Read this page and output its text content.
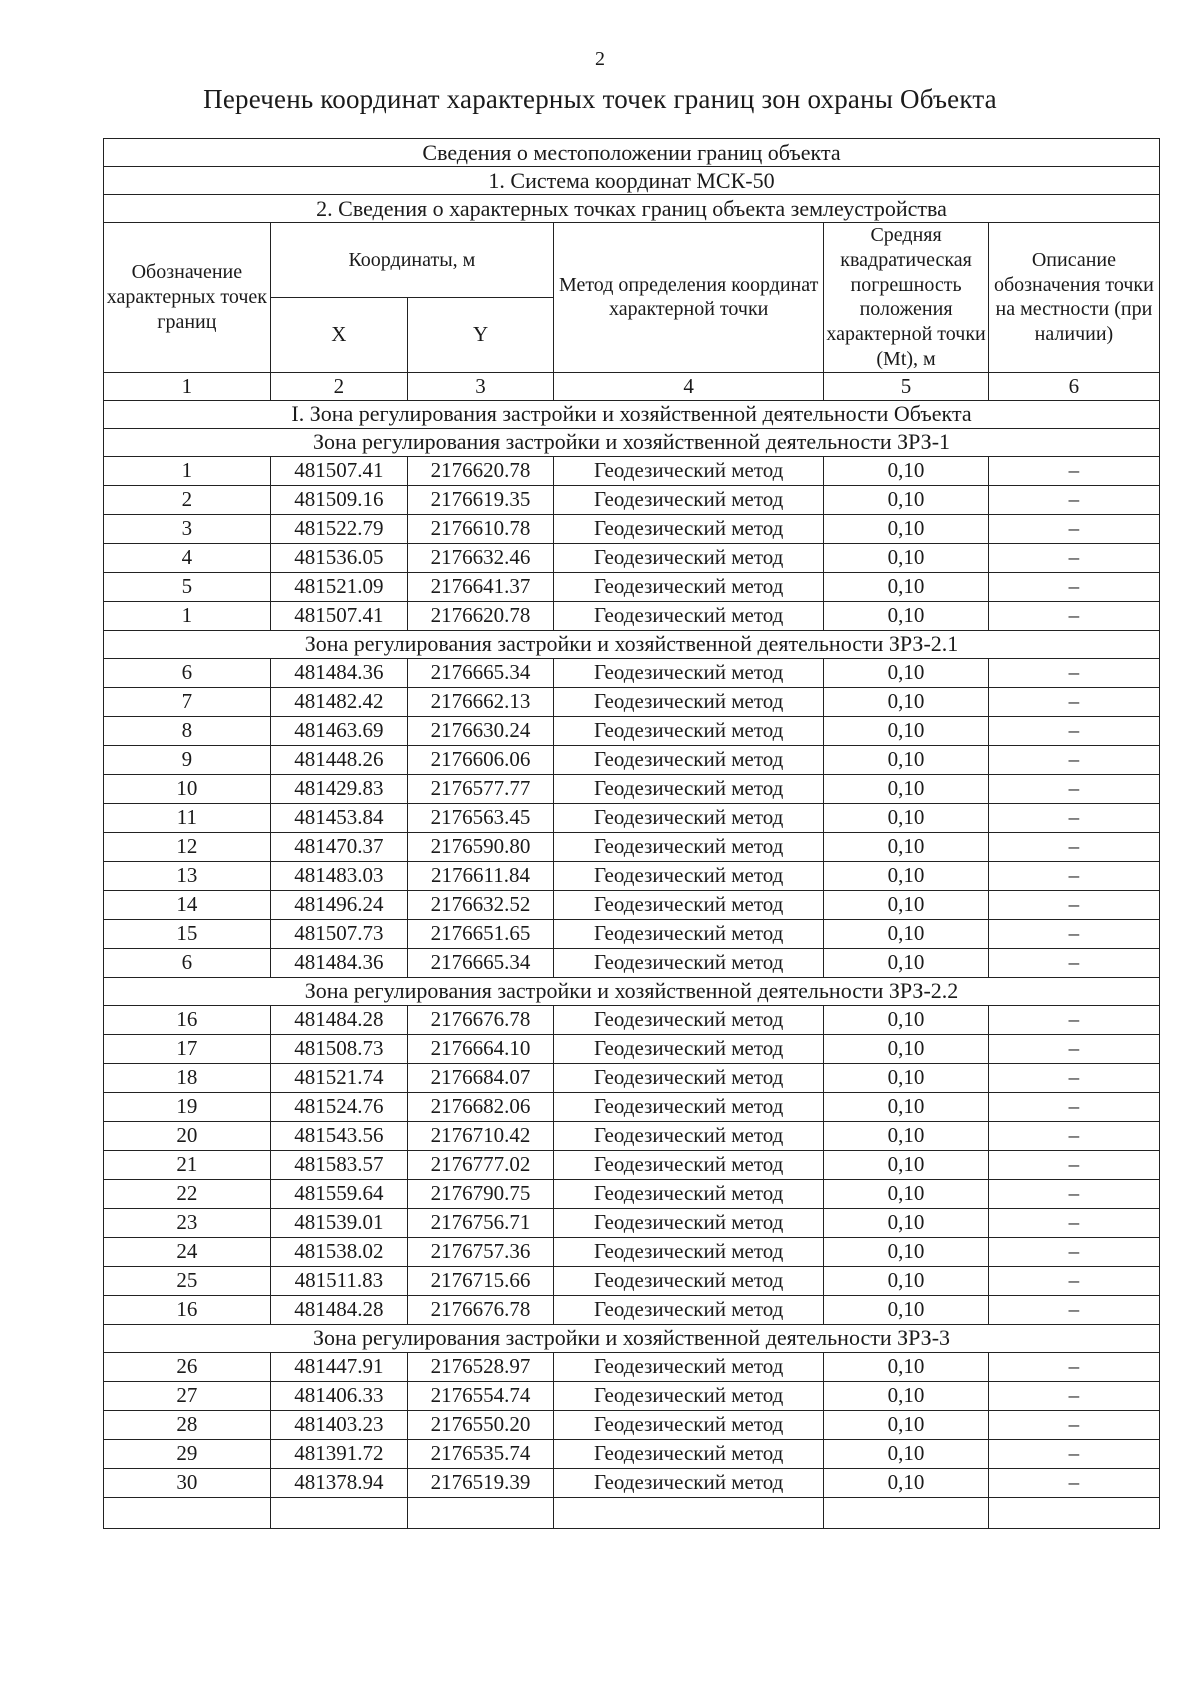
2
Перечень координат характерных точек границ зон охраны Объекта
Сведения о местоположении границ объекта					
1. Система координат МСК-50					
2. Сведения о характерных точках границ объекта землеустройства					
Обозначение характерных точек границ	Координаты, м		Метод определения координат характерной точки	Средняя квадратическая погрешность положения характерной точки (Mt), м	Описание обозначения точки на местности (при наличии)
	X	Y			
1	2	3	4	5	6
I. Зона регулирования застройки и хозяйственной деятельности Объекта					
Зона регулирования застройки и хозяйственной деятельности ЗРЗ-1					
1	481507.41	2176620.78	Геодезический метод	0,10	–
2	481509.16	2176619.35	Геодезический метод	0,10	–
3	481522.79	2176610.78	Геодезический метод	0,10	–
4	481536.05	2176632.46	Геодезический метод	0,10	–
5	481521.09	2176641.37	Геодезический метод	0,10	–
1	481507.41	2176620.78	Геодезический метод	0,10	–
Зона регулирования застройки и хозяйственной деятельности ЗРЗ-2.1					
6	481484.36	2176665.34	Геодезический метод	0,10	–
7	481482.42	2176662.13	Геодезический метод	0,10	–
8	481463.69	2176630.24	Геодезический метод	0,10	–
9	481448.26	2176606.06	Геодезический метод	0,10	–
10	481429.83	2176577.77	Геодезический метод	0,10	–
11	481453.84	2176563.45	Геодезический метод	0,10	–
12	481470.37	2176590.80	Геодезический метод	0,10	–
13	481483.03	2176611.84	Геодезический метод	0,10	–
14	481496.24	2176632.52	Геодезический метод	0,10	–
15	481507.73	2176651.65	Геодезический метод	0,10	–
6	481484.36	2176665.34	Геодезический метод	0,10	–
Зона регулирования застройки и хозяйственной деятельности ЗРЗ-2.2					
16	481484.28	2176676.78	Геодезический метод	0,10	–
17	481508.73	2176664.10	Геодезический метод	0,10	–
18	481521.74	2176684.07	Геодезический метод	0,10	–
19	481524.76	2176682.06	Геодезический метод	0,10	–
20	481543.56	2176710.42	Геодезический метод	0,10	–
21	481583.57	2176777.02	Геодезический метод	0,10	–
22	481559.64	2176790.75	Геодезический метод	0,10	–
23	481539.01	2176756.71	Геодезический метод	0,10	–
24	481538.02	2176757.36	Геодезический метод	0,10	–
25	481511.83	2176715.66	Геодезический метод	0,10	–
16	481484.28	2176676.78	Геодезический метод	0,10	–
Зона регулирования застройки и хозяйственной деятельности ЗРЗ-3					
26	481447.91	2176528.97	Геодезический метод	0,10	–
27	481406.33	2176554.74	Геодезический метод	0,10	–
28	481403.23	2176550.20	Геодезический метод	0,10	–
29	481391.72	2176535.74	Геодезический метод	0,10	–
30	481378.94	2176519.39	Геодезический метод	0,10	–
